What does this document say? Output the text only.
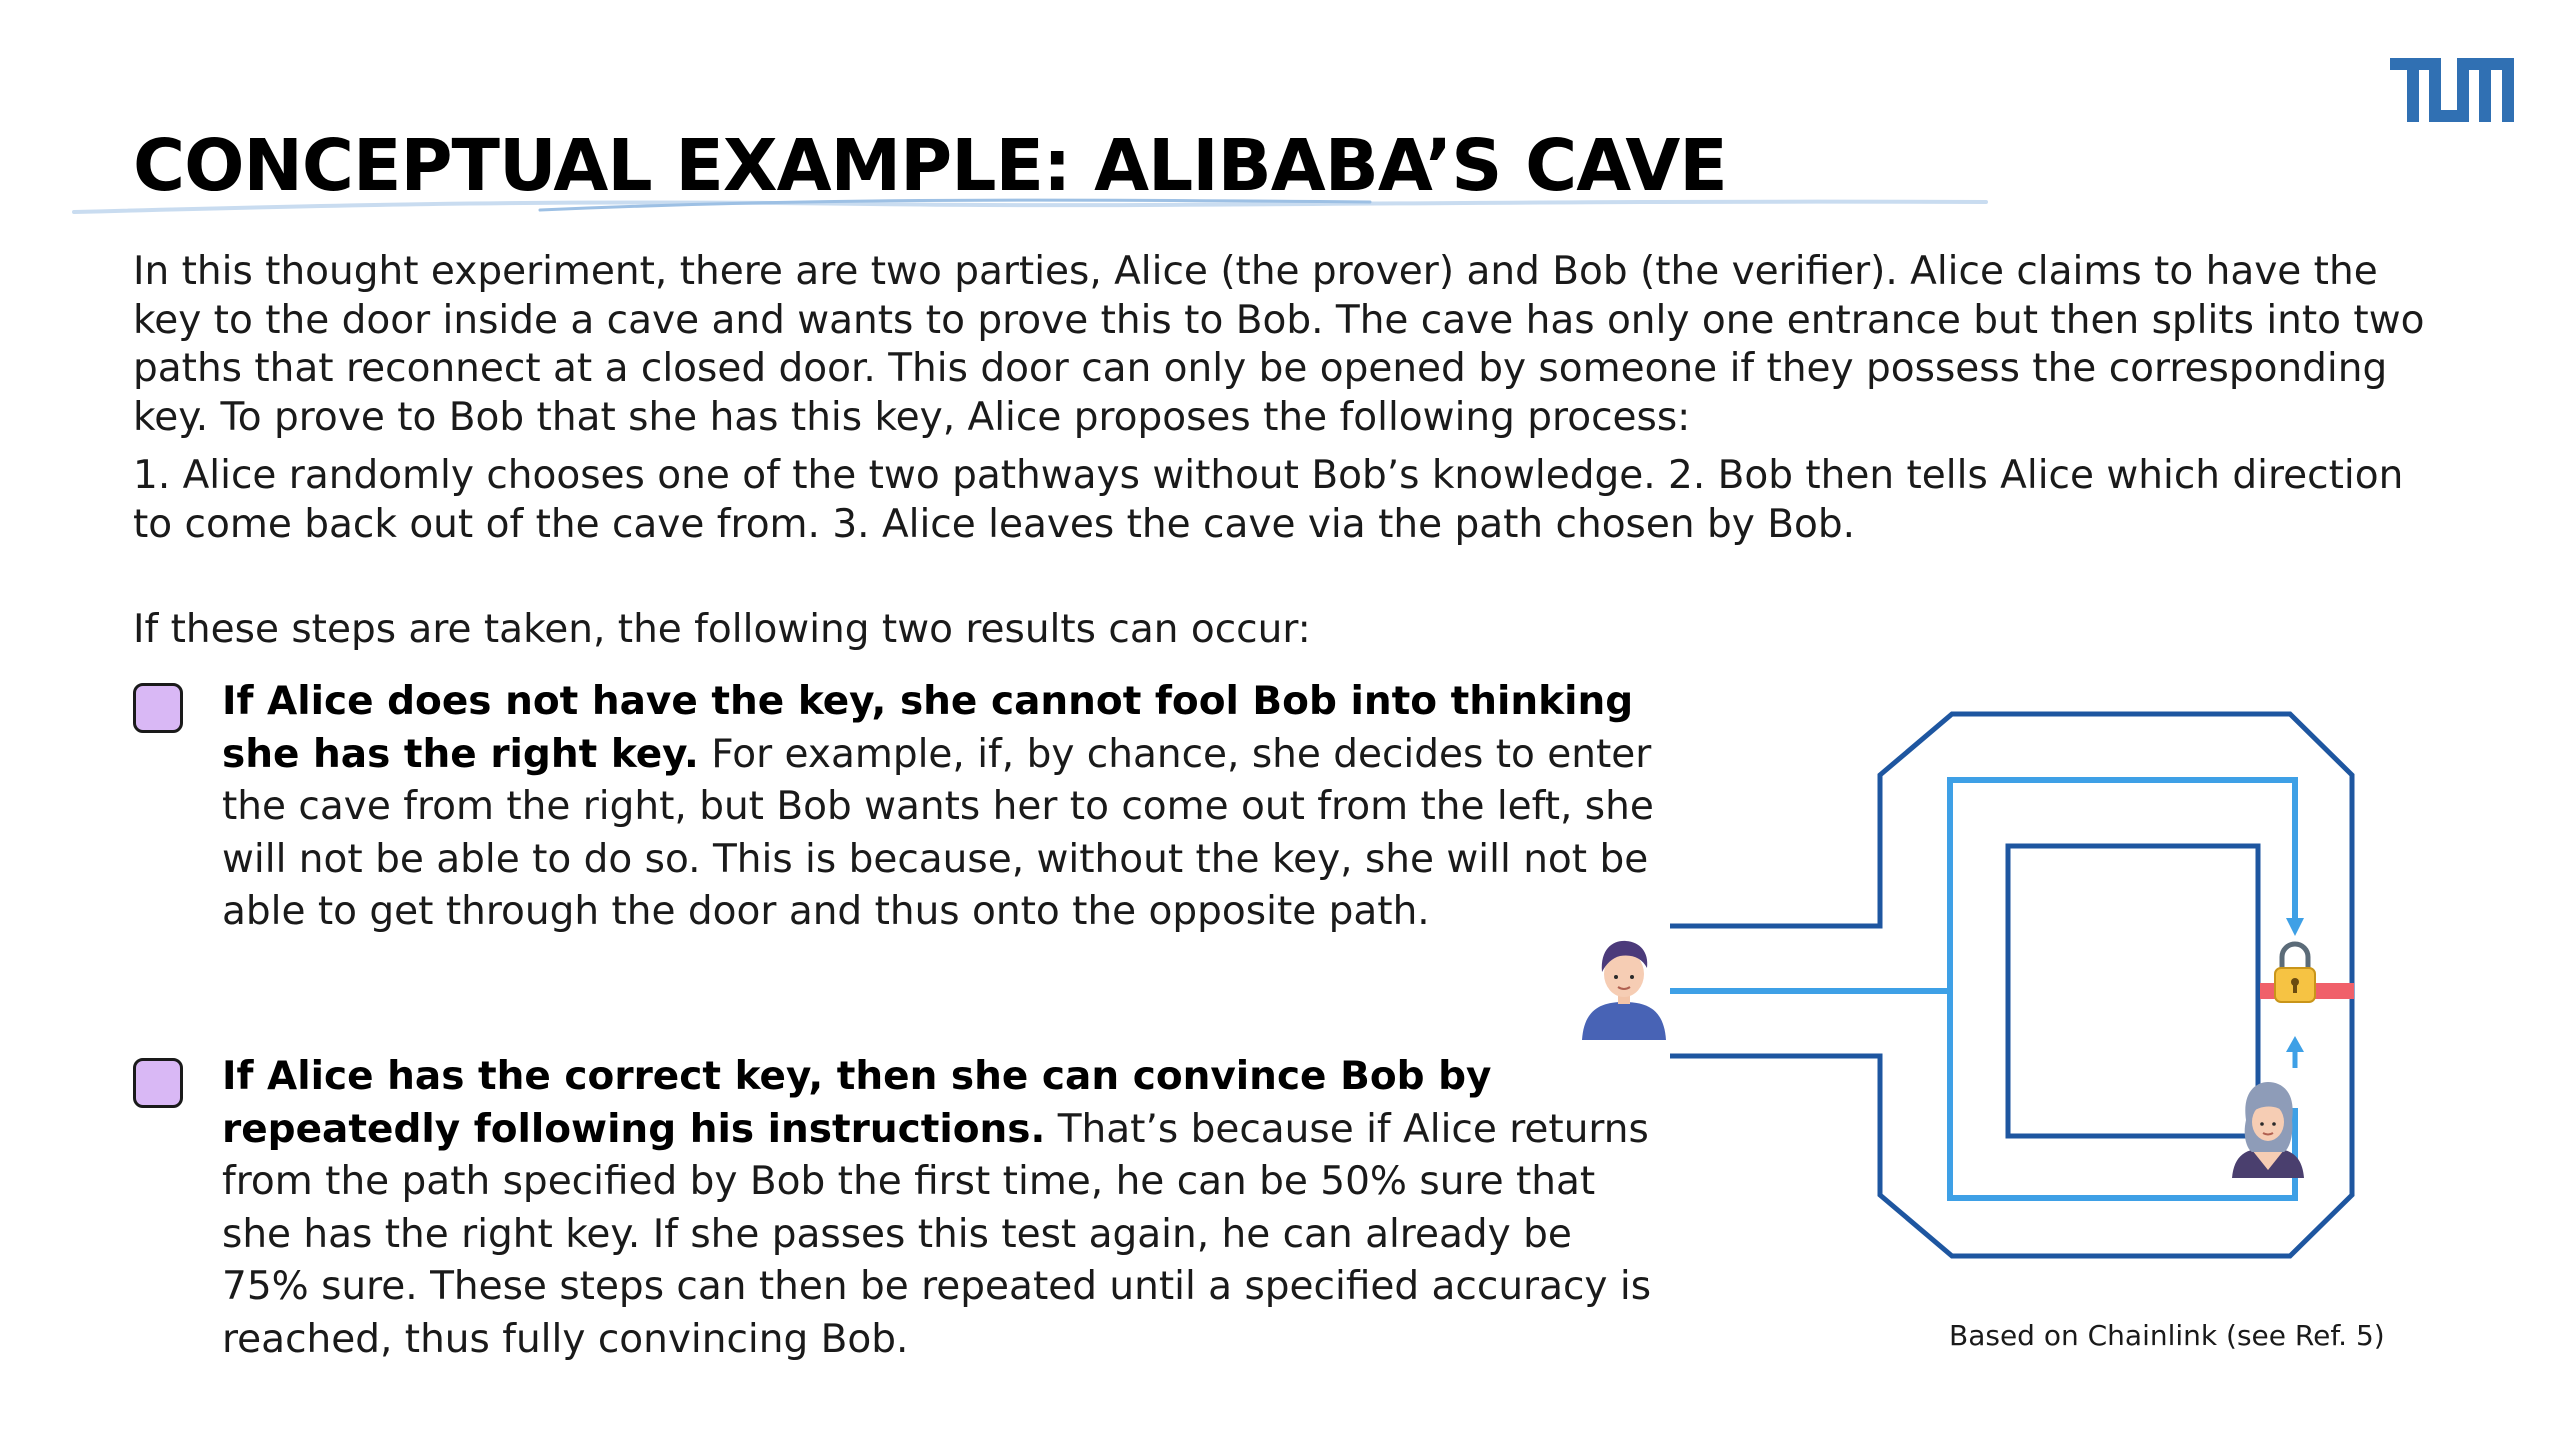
CONCEPTUAL EXAMPLE: ALIBABA’S CAVE

In this thought experiment, there are two parties, Alice (the prover) and Bob (the verifier). Alice claims to have the key to the door inside a cave and wants to prove this to Bob. The cave has only one entrance but then splits into two paths that reconnect at a closed door. This door can only be opened by someone if they possess the corresponding key. To prove to Bob that she has this key, Alice proposes the following process:

1. Alice randomly chooses one of the two pathways without Bob’s knowledge. 2. Bob then tells Alice which direction to come back out of the cave from. 3. Alice leaves the cave via the path chosen by Bob.

If these steps are taken, the following two results can occur:

If Alice does not have the key, she cannot fool Bob into thinking she has the right key. For example, if, by chance, she decides to enter the cave from the right, but Bob wants her to come out from the left, she will not be able to do so. This is because, without the key, she will not be able to get through the door and thus onto the opposite path.

If Alice has the correct key, then she can convince Bob by repeatedly following his instructions. That’s because if Alice returns from the path specified by Bob the first time, he can be 50% sure that she has the right key. If she passes this test again, he can already be 75% sure. These steps can then be repeated until a specified accuracy is reached, thus fully convincing Bob.	Based on Chainlink (see Ref. 5)
